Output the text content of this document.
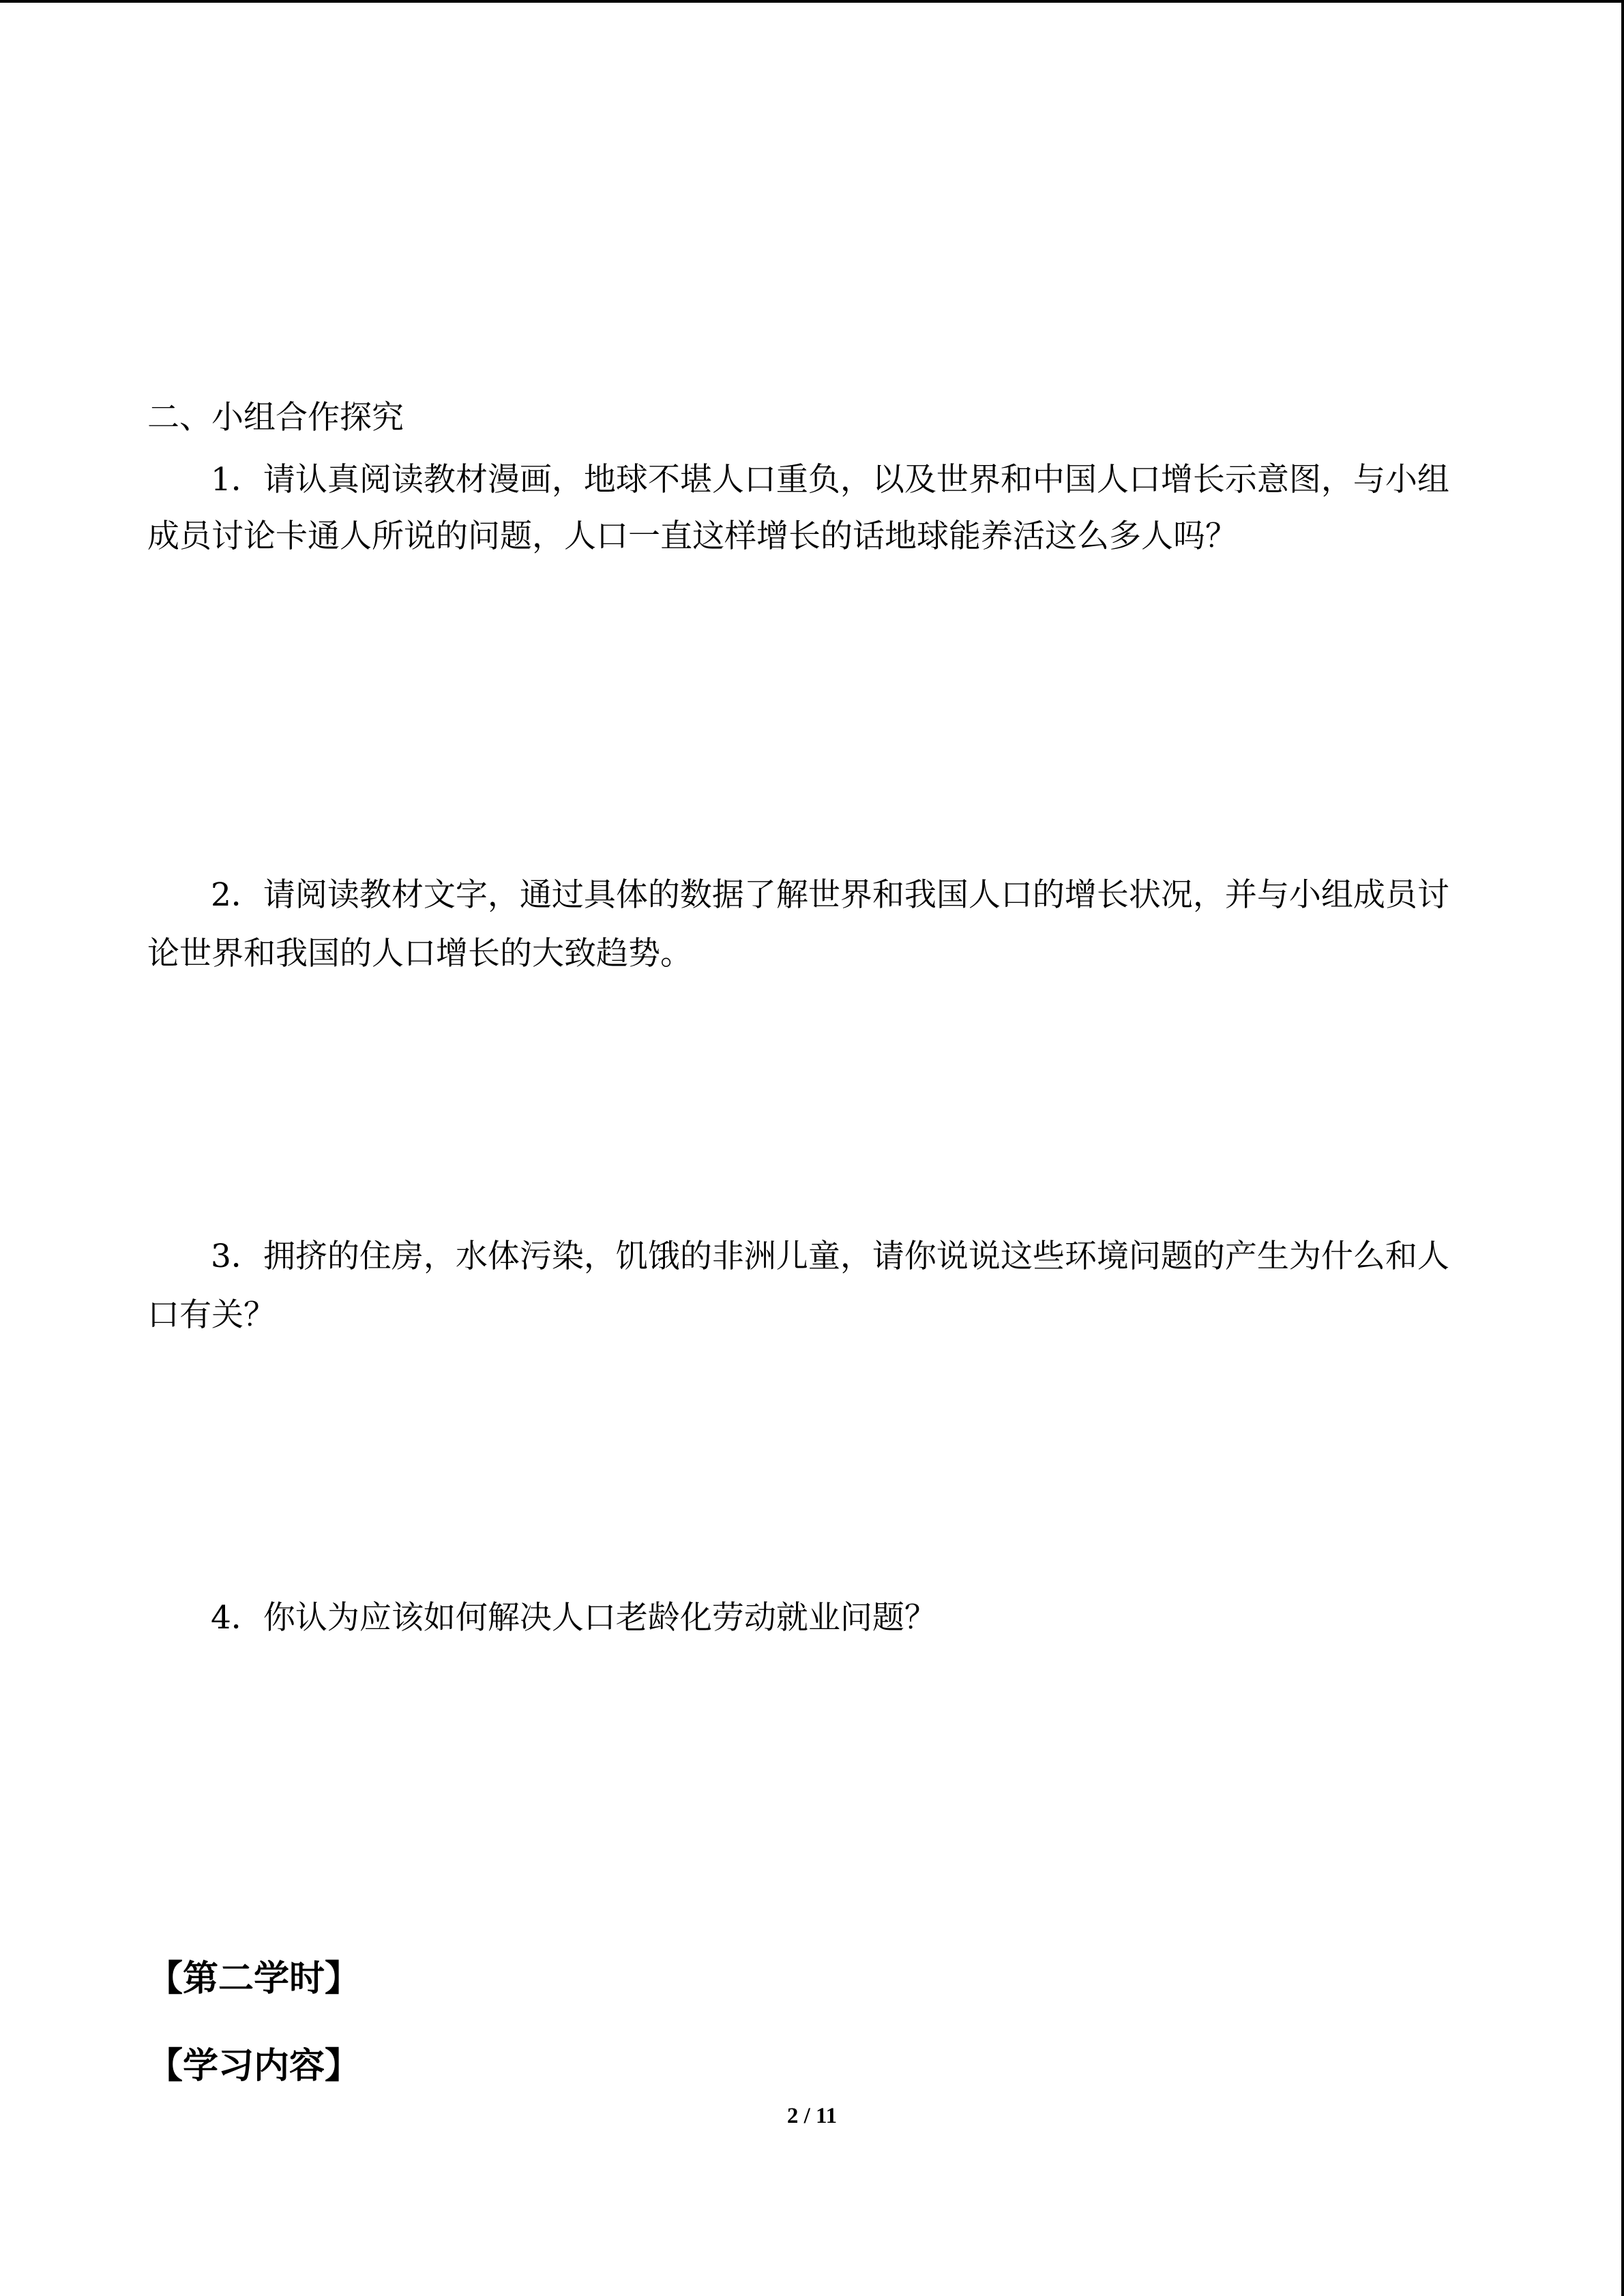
二、小组合作探究
1．请认真阅读教材漫画，地球不堪人口重负，以及世界和中国人口增长示意图，与小组
成员讨论卡通人所说的问题，人口一直这样增长的话地球能养活这么多人吗？
2．请阅读教材文字，通过具体的数据了解世界和我国人口的增长状况，并与小组成员讨
论世界和我国的人口增长的大致趋势。
3．拥挤的住房，水体污染，饥饿的非洲儿童，请你说说这些环境问题的产生为什么和人
口有关？
4．你认为应该如何解决人口老龄化劳动就业问题？
【第二学时】
【学习内容】
2 / 11
